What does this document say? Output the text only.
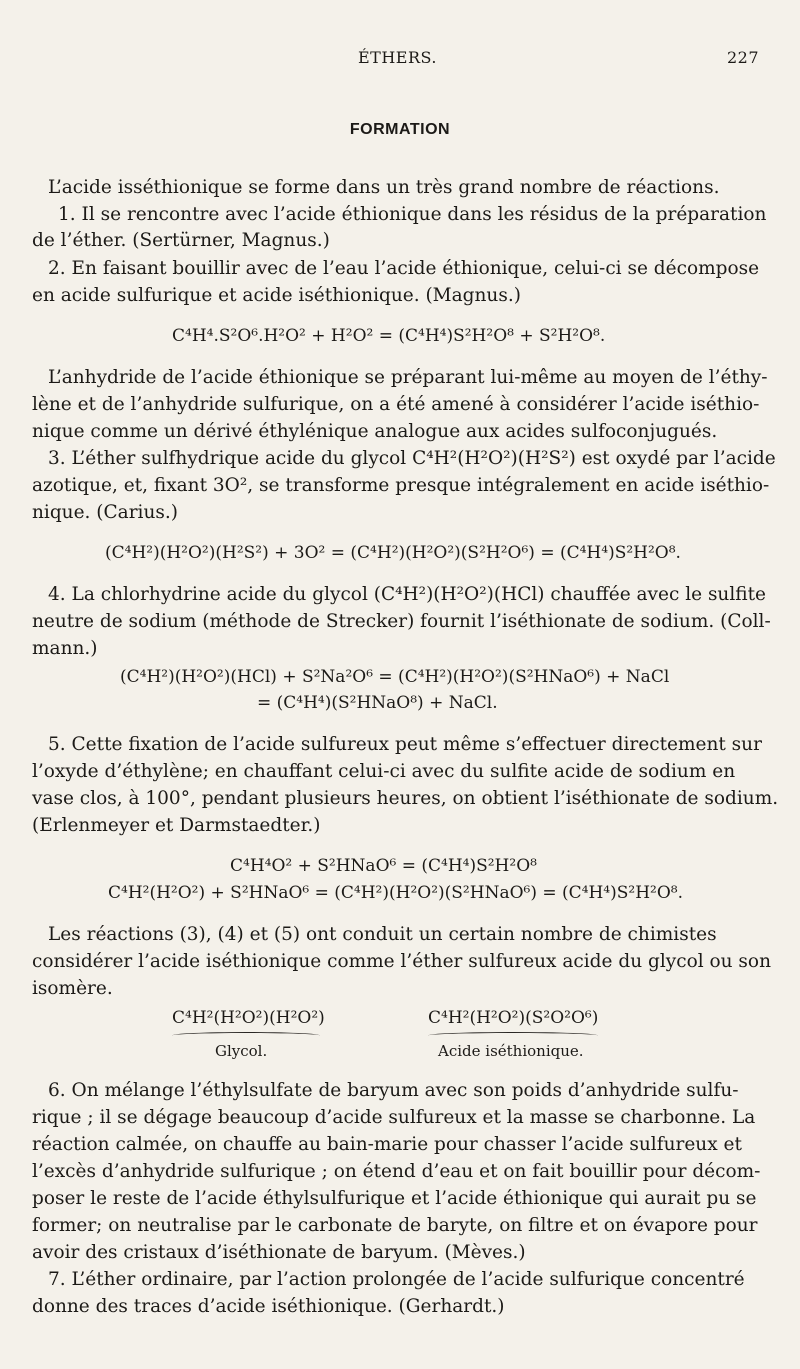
ÉTHERS.	227
FORMATION
L’acide isséthionique se forme dans un très grand nombre de réactions.
1. Il se rencontre avec l’acide éthionique dans les résidus de la préparation
de l’éther. (Sertürner, Magnus.)
2. En faisant bouillir avec de l’eau l’acide éthionique, celui-ci se décompose
en acide sulfurique et acide iséthionique. (Magnus.)
C⁴H⁴.S²O⁶.H²O² + H²O² = (C⁴H⁴)S²H²O⁸ + S²H²O⁸.
L’anhydride de l’acide éthionique se préparant lui-même au moyen de l’éthy-
lène et de l’anhydride sulfurique, on a été amené à considérer l’acide iséthio-
nique comme un dérivé éthylénique analogue aux acides sulfoconjugués.
3. L’éther sulfhydrique acide du glycol C⁴H²(H²O²)(H²S²) est oxydé par l’acide
azotique, et, fixant 3O², se transforme presque intégralement en acide iséthio-
nique. (Carius.)
(C⁴H²)(H²O²)(H²S²) + 3O² = (C⁴H²)(H²O²)(S²H²O⁶) = (C⁴H⁴)S²H²O⁸.
4. La chlorhydrine acide du glycol (C⁴H²)(H²O²)(HCl) chauffée avec le sulfite
neutre de sodium (méthode de Strecker) fournit l’iséthionate de sodium. (Coll-
mann.)
(C⁴H²)(H²O²)(HCl) + S²Na²O⁶ = (C⁴H²)(H²O²)(S²HNaO⁶) + NaCl
= (C⁴H⁴)(S²HNaO⁸) + NaCl.
5. Cette fixation de l’acide sulfureux peut même s’effectuer directement sur
l’oxyde d’éthylène; en chauffant celui-ci avec du sulfite acide de sodium en
vase clos, à 100°, pendant plusieurs heures, on obtient l’iséthionate de sodium.
(Erlenmeyer et Darmstaedter.)
C⁴H⁴O² + S²HNaO⁶ = (C⁴H⁴)S²H²O⁸
C⁴H²(H²O²) + S²HNaO⁶ = (C⁴H²)(H²O²)(S²HNaO⁶) = (C⁴H⁴)S²H²O⁸.
Les réactions (3), (4) et (5) ont conduit un certain nombre de chimistes
considérer l’acide iséthionique comme l’éther sulfureux acide du glycol ou son
isomère.
C⁴H²(H²O²)(H²O²)
Glycol.
C⁴H²(H²O²)(S²O²O⁶)
Acide iséthionique.
6. On mélange l’éthylsulfate de baryum avec son poids d’anhydride sulfu-
rique ; il se dégage beaucoup d’acide sulfureux et la masse se charbonne. La
réaction calmée, on chauffe au bain-marie pour chasser l’acide sulfureux et
l’excès d’anhydride sulfurique ; on étend d’eau et on fait bouillir pour décom-
poser le reste de l’acide éthylsulfurique et l’acide éthionique qui aurait pu se
former; on neutralise par le carbonate de baryte, on filtre et on évapore pour
avoir des cristaux d’iséthionate de baryum. (Mèves.)
7. L’éther ordinaire, par l’action prolongée de l’acide sulfurique concentré
donne des traces d’acide iséthionique. (Gerhardt.)
